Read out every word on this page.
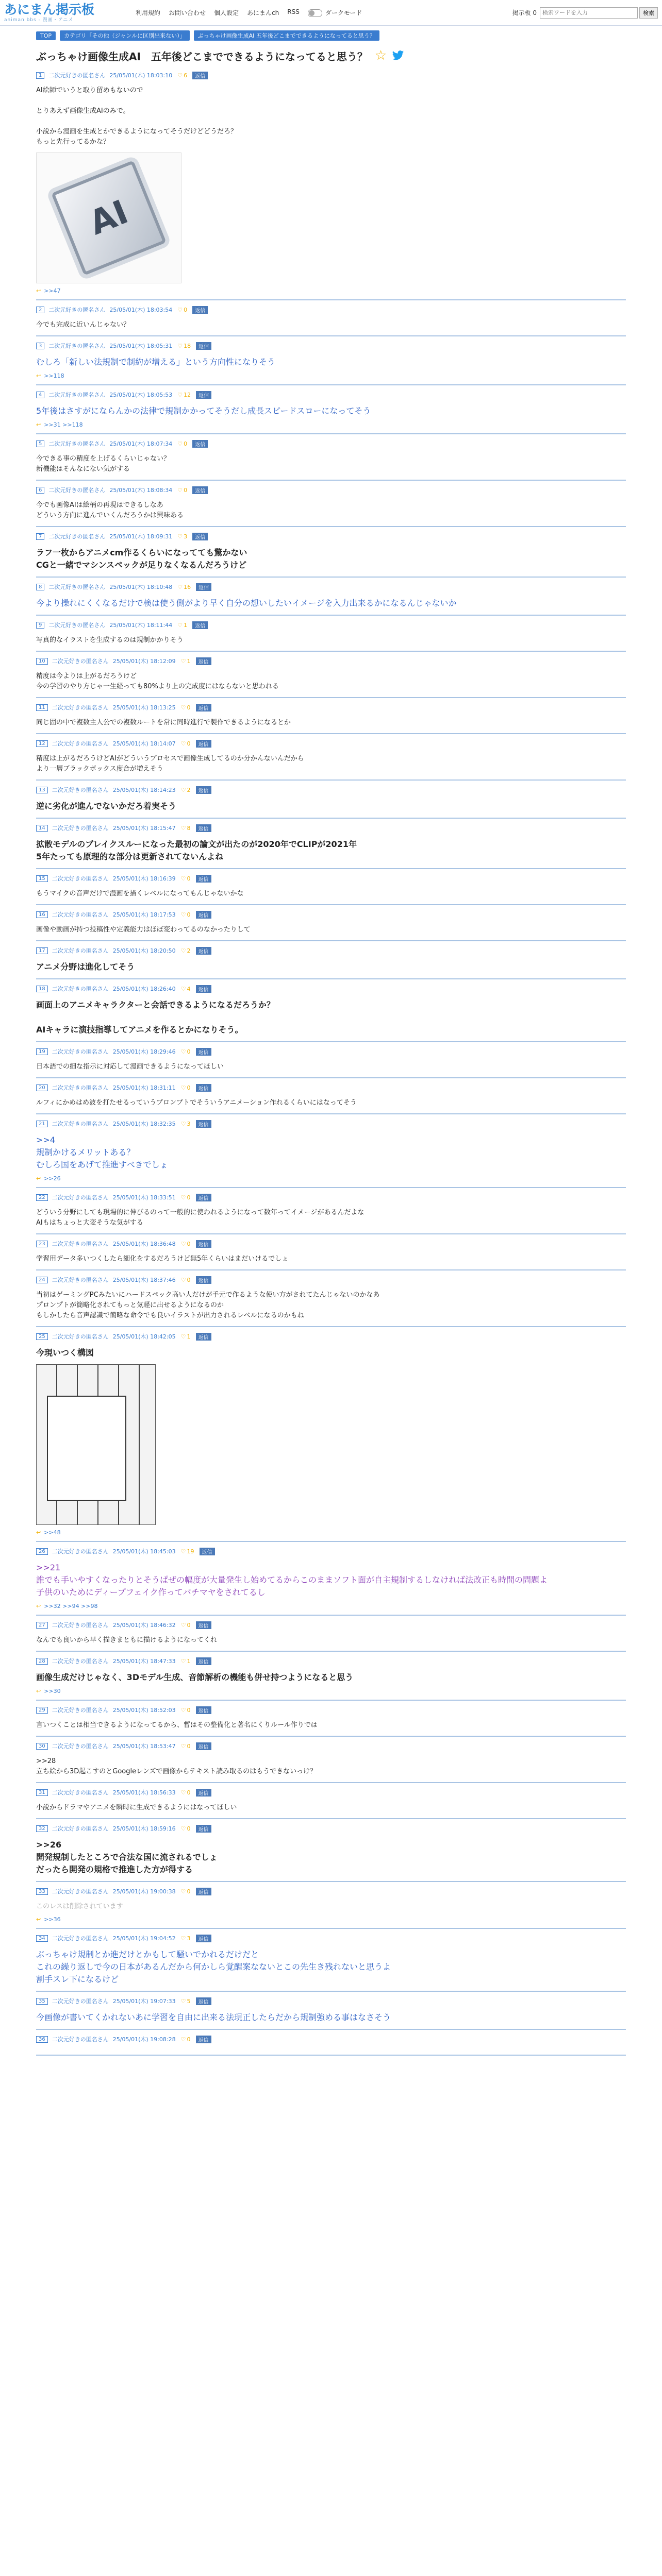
あにまん掲示板
animan bbs - 漫画・アニメ
利用規約 お問い合わせ 個人設定 あにまんch RSS	ダークモード	掲示板 0
検索ワードを入力	検索
TOP	カテゴリ「その他（ジャンルに区別出来ない）」	ぶっちゃけ画像生成AI 五年後どこまでできるようになってると思う？
ぶっちゃけ画像生成AI　五年後どこまでできるようになってると思う？ ☆
1	二次元好きの匿名さん 25/05/01(木) 18:03:10 ♡ 6	返信
AI絵師でいうと取り留めもないので

とりあえず画像生成AIのみで。

小説から漫画を生成とかできるようになってそうだけどどうだろ？
もっと先行ってるかな？
AI
↩ >>47
2	二次元好きの匿名さん 25/05/01(木) 18:03:54 ♡ 0	返信
今でも完成に近いんじゃない？
3	二次元好きの匿名さん 25/05/01(木) 18:05:31 ♡ 18	返信
むしろ「新しい法規制で制約が増える」という方向性になりそう
↩ >>118
4	二次元好きの匿名さん 25/05/01(木) 18:05:53 ♡ 12	返信
5年後はさすがにならんかの法律で規制かかってそうだし成長スピードスローになってそう
↩ >>31 >>118
5	二次元好きの匿名さん 25/05/01(木) 18:07:34 ♡ 0	返信
今できる事の精度を上げるくらいじゃない？
新機能はそんなにない気がする
6	二次元好きの匿名さん 25/05/01(木) 18:08:34 ♡ 0	返信
今でも画像AIは絵柄の再現はできるしなあ
どういう方向に進んでいくんだろうかは興味ある
7	二次元好きの匿名さん 25/05/01(木) 18:09:31 ♡ 3	返信
ラフ一枚からアニメcm作るくらいになってても驚かない
CGと一緒でマシンスペックが足りなくなるんだろうけど
8	二次元好きの匿名さん 25/05/01(木) 18:10:48 ♡ 16	返信
今より操れにくくなるだけで検は使う側がより早く自分の想いしたいイメージを入力出来るかになるんじゃないか
9	二次元好きの匿名さん 25/05/01(木) 18:11:44 ♡ 1	返信
写真的なイラストを生成するのは規制かかりそう
10	二次元好きの匿名さん 25/05/01(木) 18:12:09 ♡ 1	返信
精度は今よりは上がるだろうけど
今の学習のやり方じゃ一生経っても80%より上の完成度にはならないと思われる
11	二次元好きの匿名さん 25/05/01(木) 18:13:25 ♡ 0	返信
同じ固の中で複数主人公での複数ルートを常に同時進行で製作できるようになるとか
12	二次元好きの匿名さん 25/05/01(木) 18:14:07 ♡ 0	返信
精度は上がるだろうけどAIがどういうプロセスで画像生成してるのか分かんないんだから
より一層ブラックボックス度合が増えそう
13	二次元好きの匿名さん 25/05/01(木) 18:14:23 ♡ 2	返信
逆に劣化が進んでないかだろ着実そう
14	二次元好きの匿名さん 25/05/01(木) 18:15:47 ♡ 8	返信
拡散モデルのブレイクスルーになった最初の論文が出たのが2020年でCLIPが2021年
5年たっても原理的な部分は更新されてないんよね
15	二次元好きの匿名さん 25/05/01(木) 18:16:39 ♡ 0	返信
もうマイクの音声だけで漫画を描くレベルになってもんじゃないかな
16	二次元好きの匿名さん 25/05/01(木) 18:17:53 ♡ 0	返信
画像や動画が持つ投稿性や定義能力はほぼ変わってるのなかったりして
17	二次元好きの匿名さん 25/05/01(木) 18:20:50 ♡ 2	返信
アニメ分野は進化してそう
18	二次元好きの匿名さん 25/05/01(木) 18:26:40 ♡ 4	返信
画面上のアニメキャラクターと会話できるようになるだろうか？

AIキャラに演技指導してアニメを作るとかになりそう。
19	二次元好きの匿名さん 25/05/01(木) 18:29:46 ♡ 0	返信
日本語での細な指示に対応して漫画できるようになってほしい
20	二次元好きの匿名さん 25/05/01(木) 18:31:11 ♡ 0	返信
ルフィにかめはめ波を打たせるっていうプロンプトでそういうアニメーション作れるくらいにはなってそう
21	二次元好きの匿名さん 25/05/01(木) 18:32:35 ♡ 3	返信
>>4
規制かけるメリットある？
むしろ国をあげて推進すべきでしょ
↩ >>26
22	二次元好きの匿名さん 25/05/01(木) 18:33:51 ♡ 0	返信
どういう分野にしても現場的に伸びるのって一般的に使われるようになって数年ってイメージがあるんだよな
AIもはちょっと大変そうな気がする
23	二次元好きの匿名さん 25/05/01(木) 18:36:48 ♡ 0	返信
学習用データ多いつくしたら細化をするだろうけど無5年くらいはまだいけるでしょ
24	二次元好きの匿名さん 25/05/01(木) 18:37:46 ♡ 0	返信
当初はゲーミングPCみたいにハードスペック高い人だけが手元で作るような使い方がされてたんじゃないのかなあ
プロンプトが簡略化されてもっと気軽に出せるようになるのか
もしかしたら音声認識で簡略な命令でも良いイラストが出力されるレベルになるのかもね
25	二次元好きの匿名さん 25/05/01(木) 18:42:05 ♡ 1	返信
今現いつく構図
↩ >>48
26	二次元好きの匿名さん 25/05/01(木) 18:45:03 ♡ 19	返信
>>21
誰でも手いやすくなったりとそうぱぜの幅度が大量発生し始めてるからこのままソフト面が自主規制するしなければ法改正も時間の問題よ
子供のいためにディープフェイク作ってパチマヤをされてるし
↩ >>32 >>94 >>98
27	二次元好きの匿名さん 25/05/01(木) 18:46:32 ♡ 0	返信
なんでも良いから早く描きまともに描けるようになってくれ
28	二次元好きの匿名さん 25/05/01(木) 18:47:33 ♡ 1	返信
画像生成だけじゃなく、3Dモデル生成、音節解析の機能も併せ持つようになると思う
↩ >>30
29	二次元好きの匿名さん 25/05/01(木) 18:52:03 ♡ 0	返信
言いつくことは相当できるようになってるから、暫はその整備化と著名にくりルール作りでは
30	二次元好きの匿名さん 25/05/01(木) 18:53:47 ♡ 0	返信
>>28
立ち絵から3D起こすのとGoogleレンズで画像からテキスト読み取るのはもうできないっけ？
31	二次元好きの匿名さん 25/05/01(木) 18:56:33 ♡ 0	返信
小説からドラマやアニメを瞬時に生成できるようにはなってほしい
32	二次元好きの匿名さん 25/05/01(木) 18:59:16 ♡ 0	返信
>>26
開発規制したところで合法な国に流されるでしょ
だったら開発の規格で推進した方が得する
33	二次元好きの匿名さん 25/05/01(木) 19:00:38 ♡ 0	返信
このレスは削除されています
↩ >>36
34	二次元好きの匿名さん 25/05/01(木) 19:04:52 ♡ 3	返信
ぶっちゃけ規制とか進だけとかもして騒いでかれるだけだと
これの繰り返しで今の日本があるんだから何かしら覚醒案なないとこの先生き残れないと思うよ
割手スレ下になるけど
35	二次元好きの匿名さん 25/05/01(木) 19:07:33 ♡ 5	返信
今画像が書いてくかれないあに学習を自由に出来る法現正したらだから規制強める事はなさそう
36	二次元好きの匿名さん 25/05/01(木) 19:08:28 ♡ 0	返信
